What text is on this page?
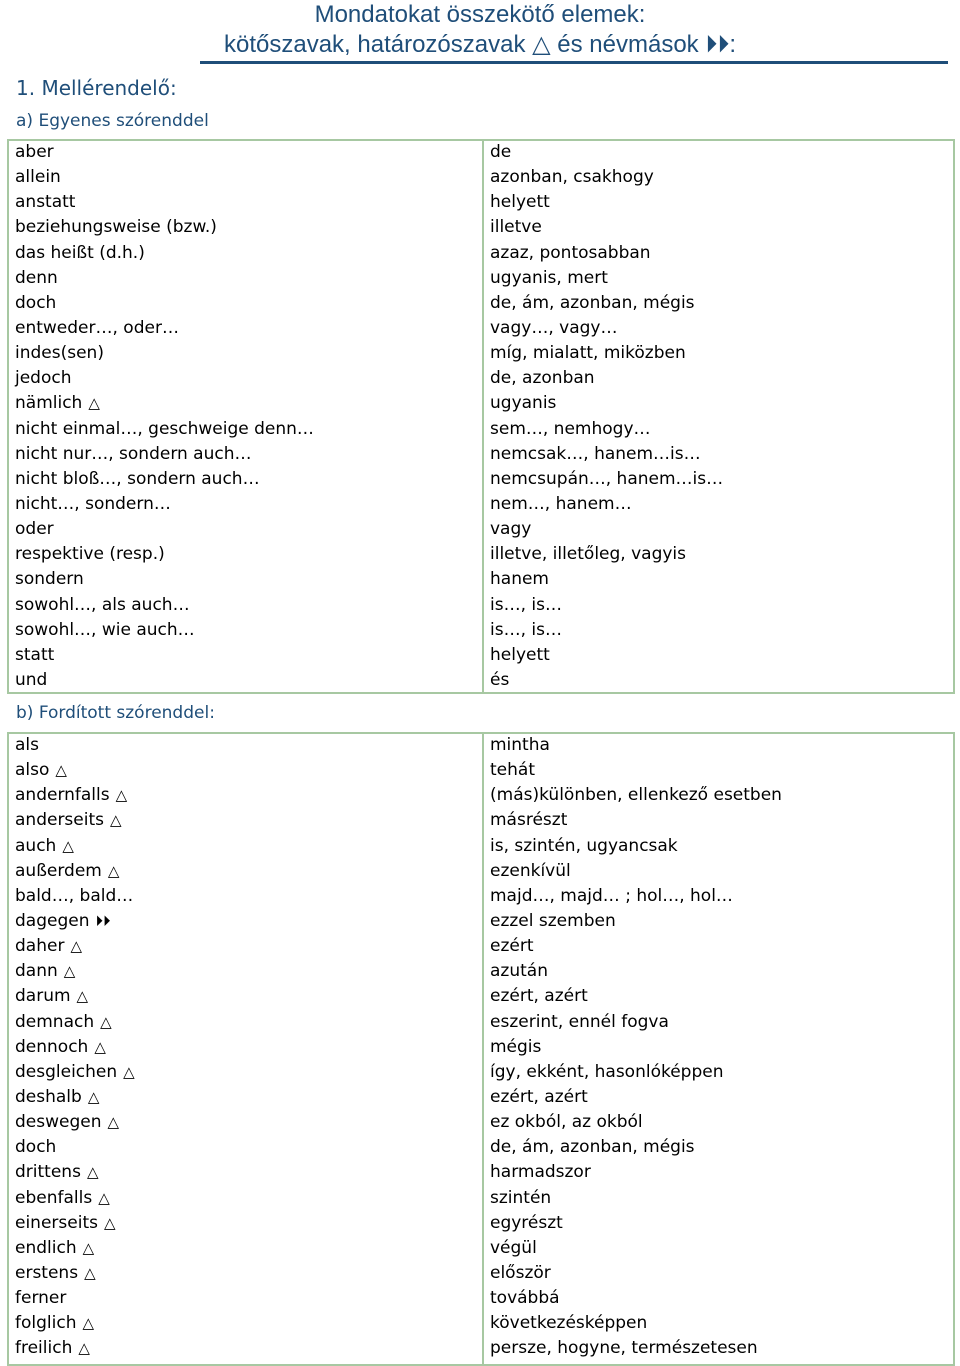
Mondatokat összekötő elemek:
kötőszavak, határozószavak △ és névmások ⏵⏵:
1. Mellérendelő:
a) Egyenes szórenddel
aber	de
allein	azonban, csakhogy
anstatt	helyett
beziehungsweise (bzw.)	illetve
das heißt (d.h.)	azaz, pontosabban
denn	ugyanis, mert
doch	de, ám, azonban, mégis
entweder…, oder…	vagy…, vagy…
indes(sen)	míg, mialatt, miközben
jedoch	de, azonban
nämlich △	ugyanis
nicht einmal…, geschweige denn…	sem…, nemhogy…
nicht nur…, sondern auch…	nemcsak…, hanem…is…
nicht bloß…, sondern auch…	nemcsupán…, hanem…is…
nicht…, sondern…	nem…, hanem…
oder	vagy
respektive (resp.)	illetve, illetőleg, vagyis
sondern	hanem
sowohl…, als auch…	is…, is…
sowohl…, wie auch…	is…, is…
statt	helyett
und	és
b) Fordított szórenddel:
als	mintha
also △	tehát
andernfalls △	(más)különben, ellenkező esetben
anderseits △	másrészt
auch △	is, szintén, ugyancsak
außerdem △	ezenkívül
bald…, bald…	majd…, majd… ; hol…, hol…
dagegen ⏵⏵	ezzel szemben
daher △	ezért
dann △	azután
darum △	ezért, azért
demnach △	eszerint, ennél fogva
dennoch △	mégis
desgleichen △	így, ekként, hasonlóképpen
deshalb △	ezért, azért
deswegen △	ez okból, az okból
doch	de, ám, azonban, mégis
drittens △	harmadszor
ebenfalls △	szintén
einerseits △	egyrészt
endlich △	végül
erstens △	először
ferner	továbbá
folglich △	következésképpen
freilich △	persze, hogyne, természetesen
